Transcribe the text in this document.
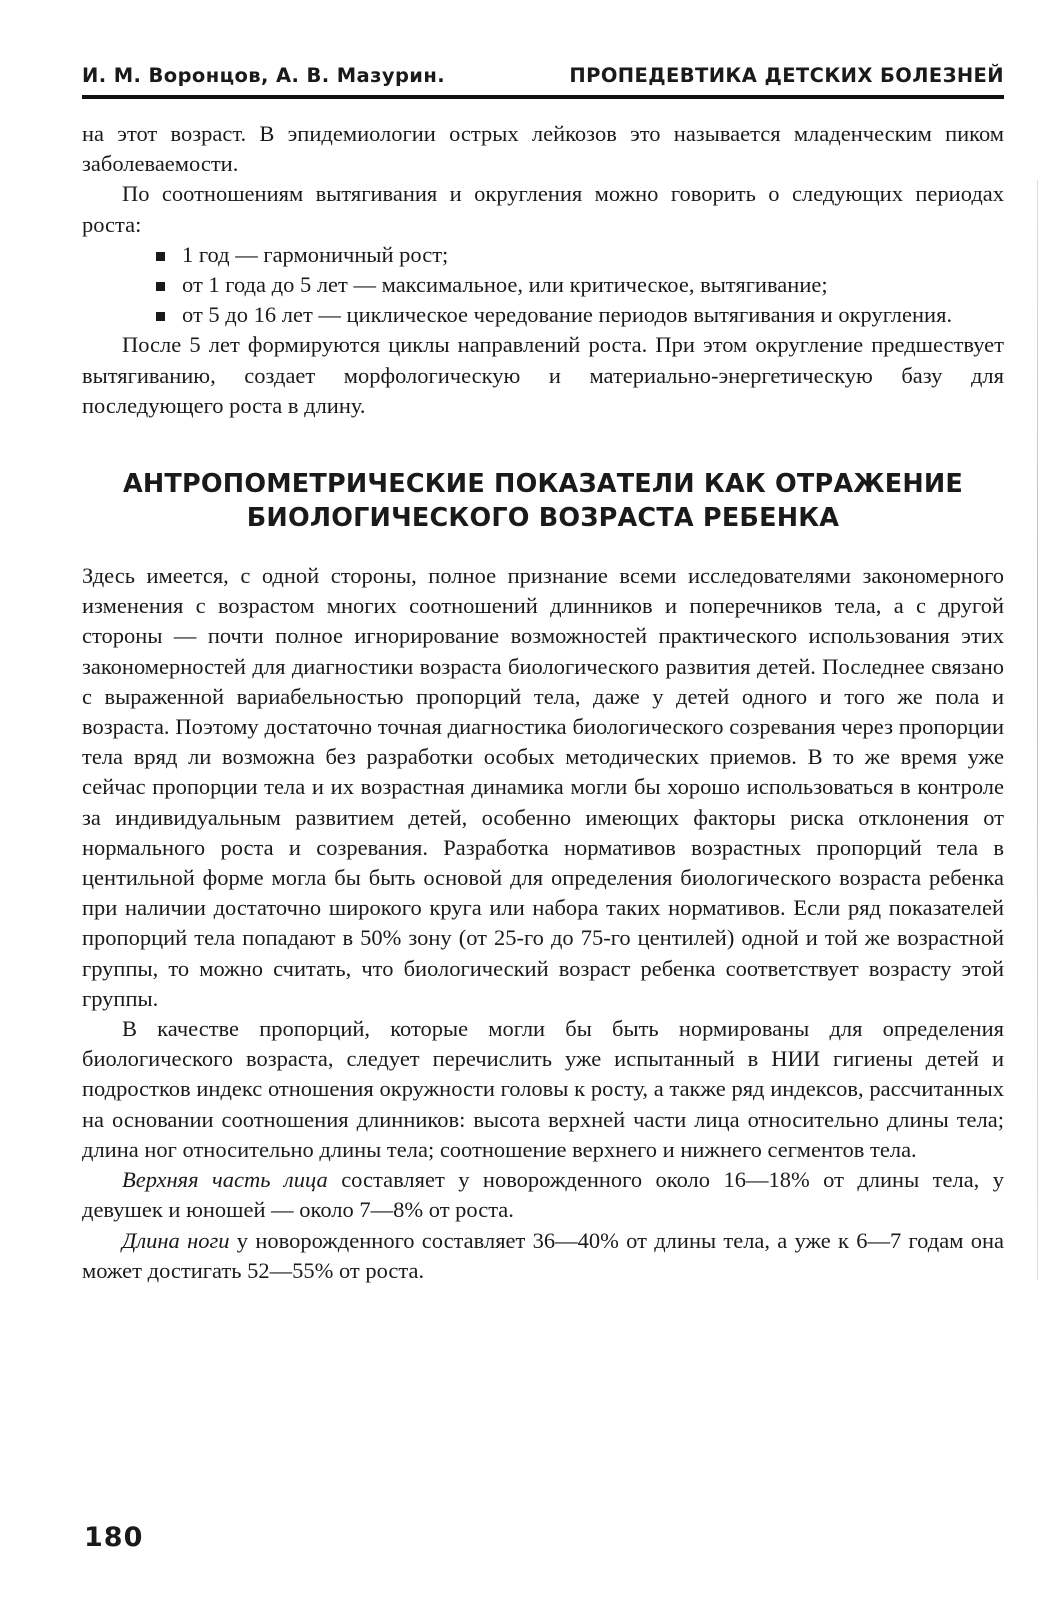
И. М. Воронцов, А. В. Мазурин.	ПРОПЕДЕВТИКА ДЕТСКИХ БОЛЕЗНЕЙ

на этот возраст. В эпидемиологии острых лейкозов это называется младенческим пиком заболеваемости.

По соотношениям вытягивания и округления можно говорить о следующих периодах роста:

1 год — гармоничный рост;
от 1 года до 5 лет — максимальное, или критическое, вытягивание;
от 5 до 16 лет — циклическое чередование периодов вытягивания и округления.

После 5 лет формируются циклы направлений роста. При этом округление предшествует вытягиванию, создает морфологическую и материально-энергетическую базу для последующего роста в длину.

АНТРОПОМЕТРИЧЕСКИЕ ПОКАЗАТЕЛИ КАК ОТРАЖЕНИЕ
БИОЛОГИЧЕСКОГО ВОЗРАСТА РЕБЕНКА

Здесь имеется, с одной стороны, полное признание всеми исследователями закономерного изменения с возрастом многих соотношений длинников и поперечников тела, а с другой стороны — почти полное игнорирование возможностей практического использования этих закономерностей для диагностики возраста биологического развития детей. Последнее связано с выраженной вариабельностью пропорций тела, даже у детей одного и того же пола и возраста. Поэтому достаточно точная диагностика биологического созревания через пропорции тела вряд ли возможна без разработки особых методических приемов. В то же время уже сейчас пропорции тела и их возрастная динамика могли бы хорошо использоваться в контроле за индивидуальным развитием детей, особенно имеющих факторы риска отклонения от нормального роста и созревания. Разработка нормативов возрастных пропорций тела в центильной форме могла бы быть основой для определения биологического возраста ребенка при наличии достаточно широкого круга или набора таких нормативов. Если ряд показателей пропорций тела попадают в 50% зону (от 25-го до 75-го центилей) одной и той же возрастной группы, то можно считать, что биологический возраст ребенка соответствует возрасту этой группы.

В качестве пропорций, которые могли бы быть нормированы для определения биологического возраста, следует перечислить уже испытанный в НИИ гигиены детей и подростков индекс отношения окружности головы к росту, а также ряд индексов, рассчитанных на основании соотношения длинников: высота верхней части лица относительно длины тела; длина ног относительно длины тела; соотношение верхнего и нижнего сегментов тела.

Верхняя часть лица составляет у новорожденного около 16—18% от длины тела, у девушек и юношей — около 7—8% от роста.

Длина ноги у новорожденного составляет 36—40% от длины тела, а уже к 6—7 годам она может достигать 52—55% от роста.

180
